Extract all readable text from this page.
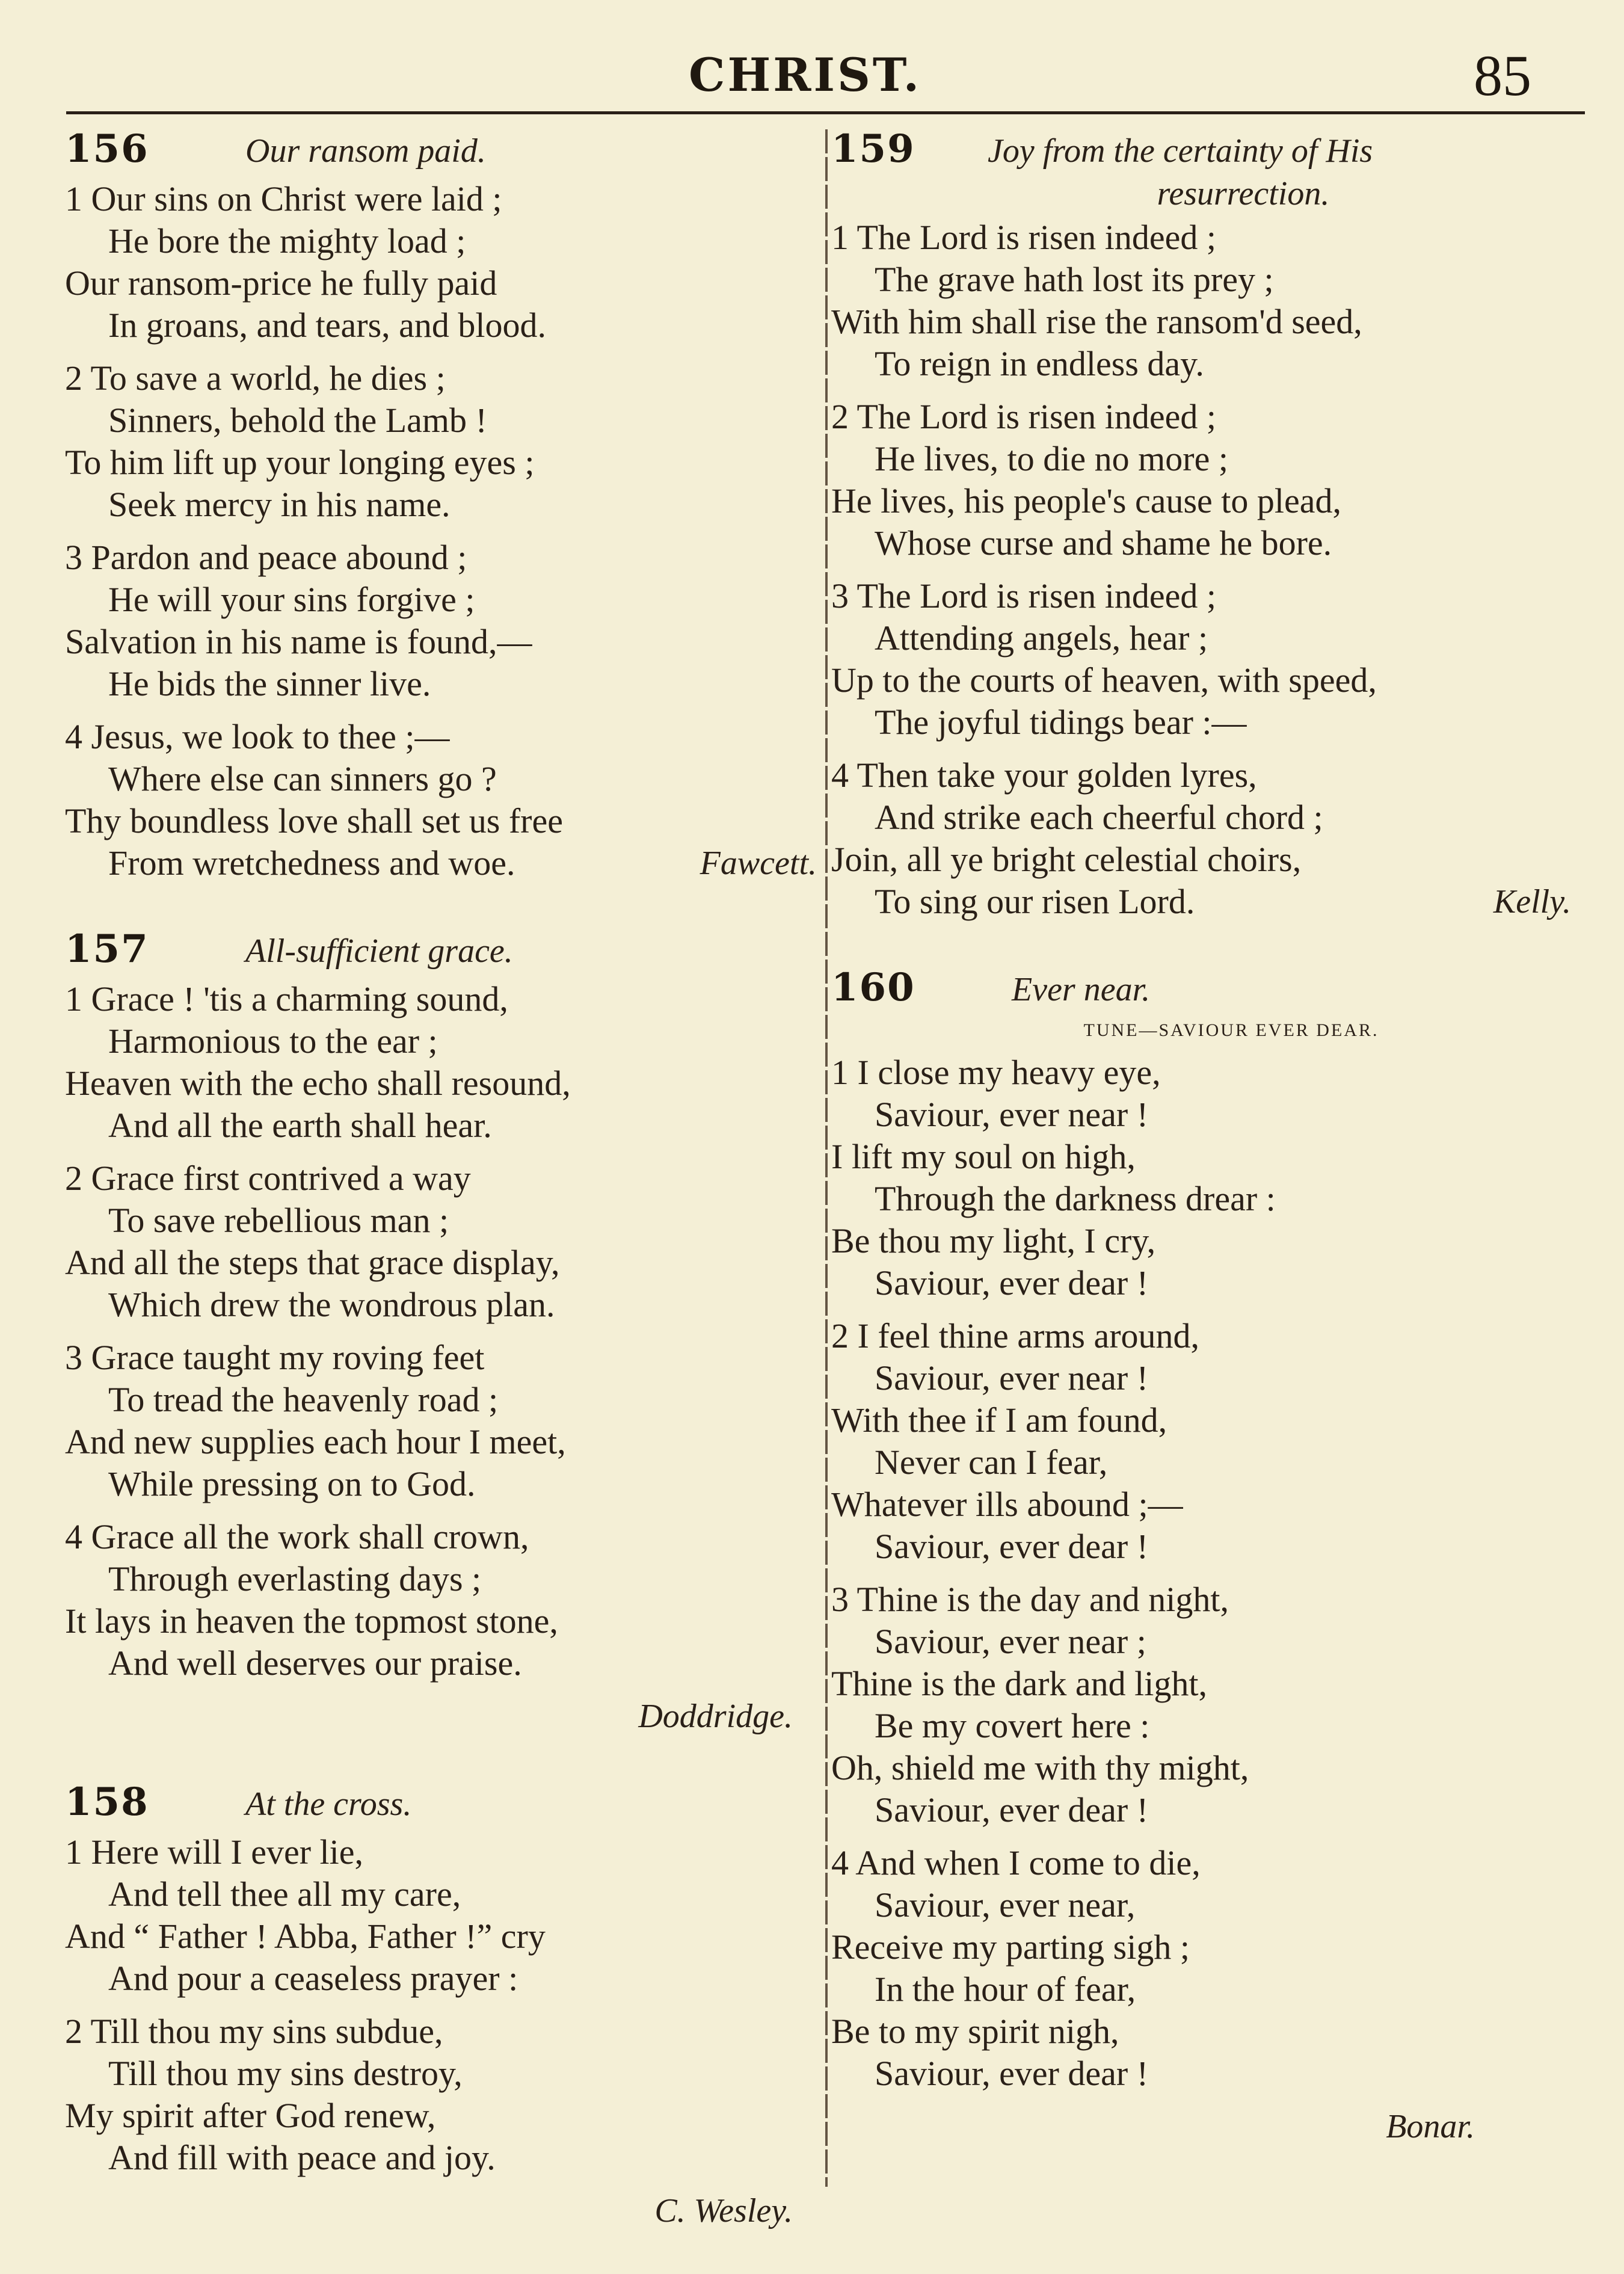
CHRIST.	85
156	Our ransom paid.
1 Our sins on Christ were laid ;
He bore the mighty load ;
Our ransom-price he fully paid
In groans, and tears, and blood.
2 To save a world, he dies ;
Sinners, behold the Lamb !
To him lift up your longing eyes ;
Seek mercy in his name.
3 Pardon and peace abound ;
He will your sins forgive ;
Salvation in his name is found,—
He bids the sinner live.
4 Jesus, we look to thee ;—
Where else can sinners go ?
Thy boundless love shall set us free
From wretchedness and woe.	Fawcett.
157	All-sufficient grace.
1 Grace ! 'tis a charming sound,
Harmonious to the ear ;
Heaven with the echo shall resound,
And all the earth shall hear.
2 Grace first contrived a way
To save rebellious man ;
And all the steps that grace display,
Which drew the wondrous plan.
3 Grace taught my roving feet
To tread the heavenly road ;
And new supplies each hour I meet,
While pressing on to God.
4 Grace all the work shall crown,
Through everlasting days ;
It lays in heaven the topmost stone,
And well deserves our praise.
Doddridge.
158	At the cross.
1 Here will I ever lie,
And tell thee all my care,
And “ Father ! Abba, Father !” cry
And pour a ceaseless prayer :
2 Till thou my sins subdue,
Till thou my sins destroy,
My spirit after God renew,
And fill with peace and joy.
C. Wesley.
159	Joy from the certainty of His
resurrection.
1 The Lord is risen indeed ;
The grave hath lost its prey ;
With him shall rise the ransom'd seed,
To reign in endless day.
2 The Lord is risen indeed ;
He lives, to die no more ;
He lives, his people's cause to plead,
Whose curse and shame he bore.
3 The Lord is risen indeed ;
Attending angels, hear ;
Up to the courts of heaven, with speed,
The joyful tidings bear :—
4 Then take your golden lyres,
And strike each cheerful chord ;
Join, all ye bright celestial choirs,
To sing our risen Lord.	Kelly.
160	Ever near.
TUNE—SAVIOUR EVER DEAR.
1 I close my heavy eye,
Saviour, ever near !
I lift my soul on high,
Through the darkness drear :
Be thou my light, I cry,
Saviour, ever dear !
2 I feel thine arms around,
Saviour, ever near !
With thee if I am found,
Never can I fear,
Whatever ills abound ;—
Saviour, ever dear !
3 Thine is the day and night,
Saviour, ever near ;
Thine is the dark and light,
Be my covert here :
Oh, shield me with thy might,
Saviour, ever dear !
4 And when I come to die,
Saviour, ever near,
Receive my parting sigh ;
In the hour of fear,
Be to my spirit nigh,
Saviour, ever dear !
Bonar.
